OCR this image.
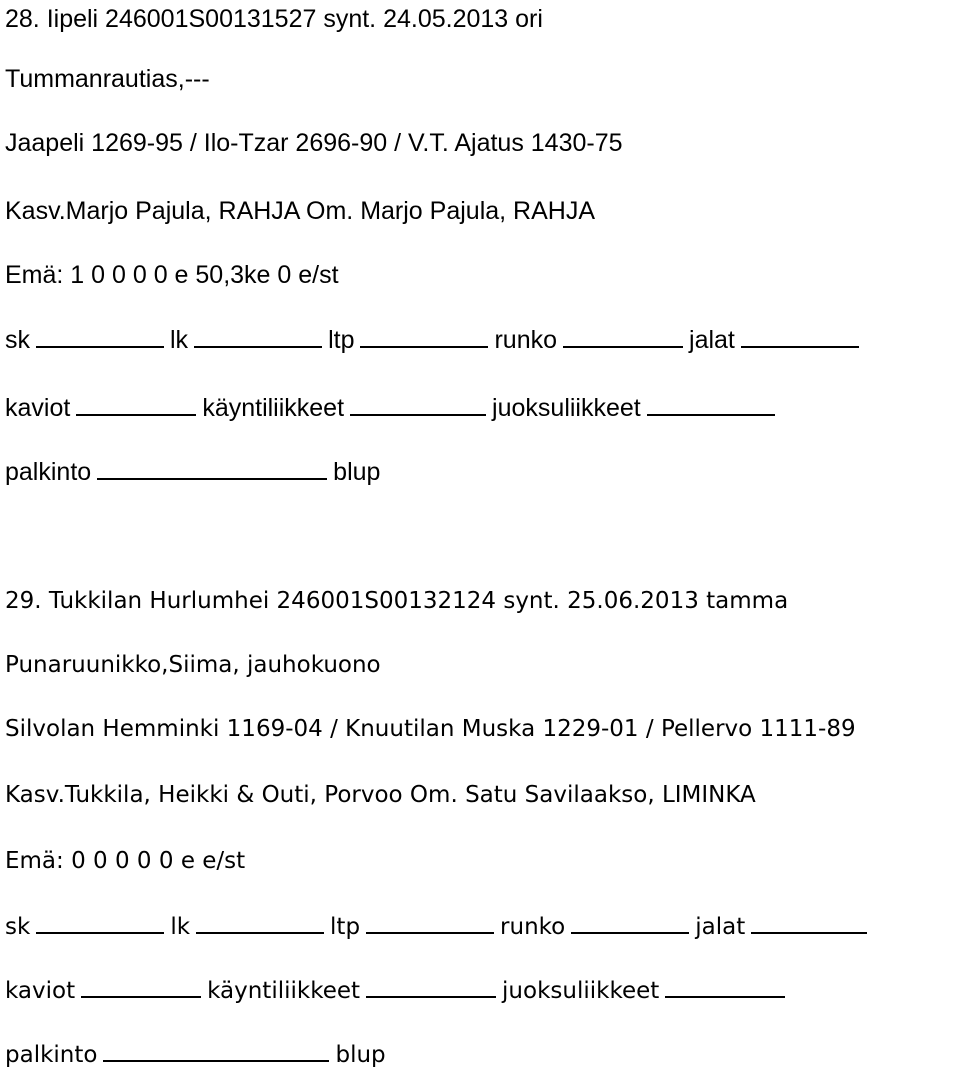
28. Iipeli 246001S00131527 synt. 24.05.2013 ori
Tummanrautias,---
Jaapeli 1269-95 / Ilo-Tzar 2696-90 / V.T. Ajatus 1430-75
Kasv.Marjo Pajula, RAHJA Om. Marjo Pajula, RAHJA
Emä: 1 0 0 0 0 e 50,3ke 0 e/st
sk	lk	ltp	runko	jalat
kaviot	käyntiliikkeet	juoksuliikkeet
palkinto	blup
29. Tukkilan Hurlumhei 246001S00132124 synt. 25.06.2013 tamma
Punaruunikko,Siima, jauhokuono
Silvolan Hemminki 1169-04 / Knuutilan Muska 1229-01 / Pellervo 1111-89
Kasv.Tukkila, Heikki & Outi, Porvoo Om. Satu Savilaakso, LIMINKA
Emä: 0 0 0 0 0 e e/st
sk	lk	ltp	runko	jalat
kaviot	käyntiliikkeet	juoksuliikkeet
palkinto	blup
